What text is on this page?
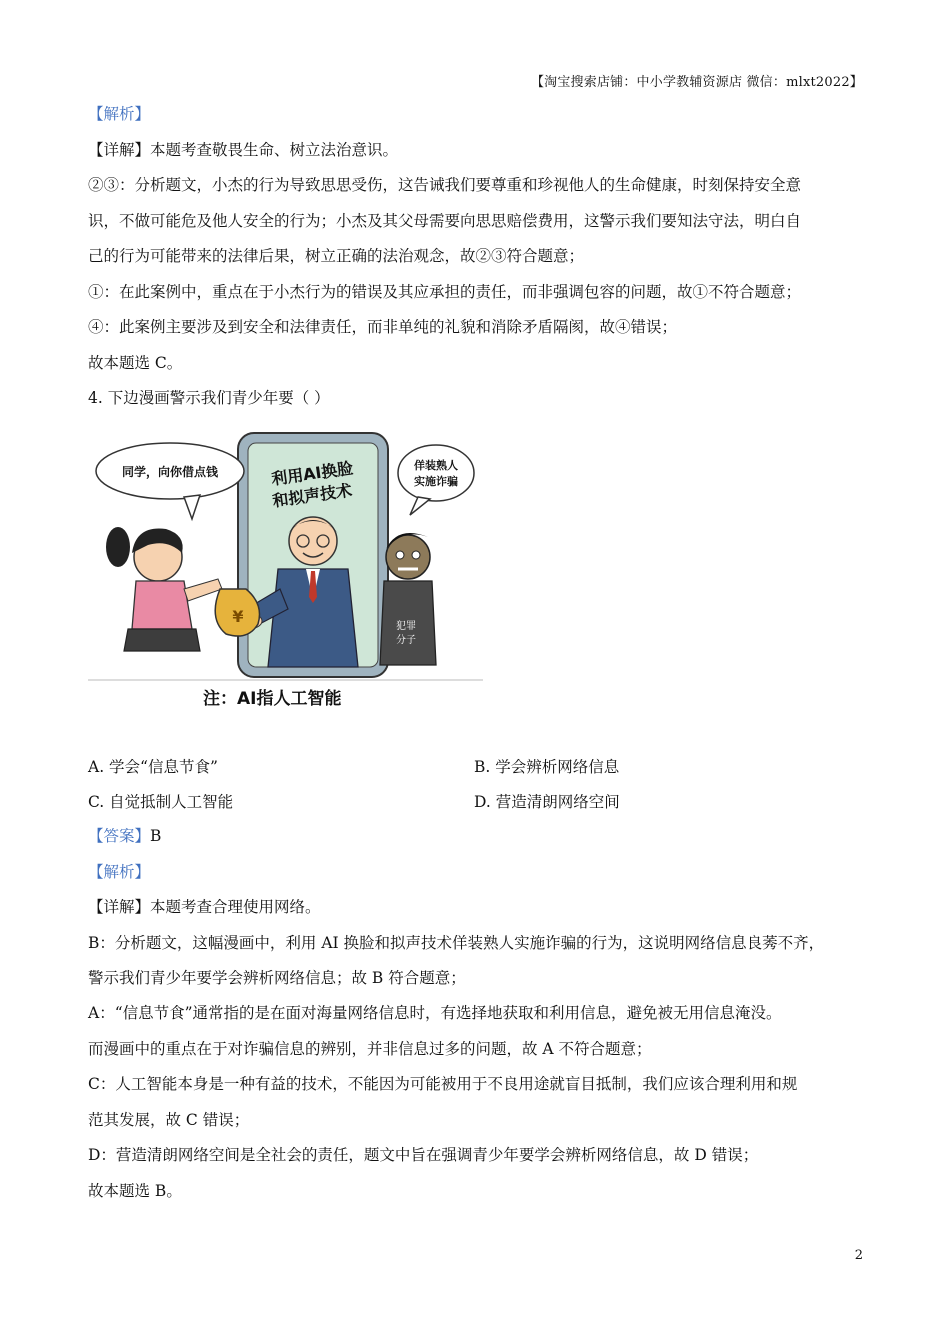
【淘宝搜索店铺：中小学教辅资源店 微信：mlxt2022】
【解析】
【详解】本题考查敬畏生命、树立法治意识。
②③：分析题文，小杰的行为导致思思受伤，这告诫我们要尊重和珍视他人的生命健康，时刻保持安全意
识，不做可能危及他人安全的行为；小杰及其父母需要向思思赔偿费用，这警示我们要知法守法，明白自
己的行为可能带来的法律后果，树立正确的法治观念，故②③符合题意；
①：在此案例中，重点在于小杰行为的错误及其应承担的责任，而非强调包容的问题，故①不符合题意；
④：此案例主要涉及到安全和法律责任，而非单纯的礼貌和消除矛盾隔阂，故④错误；
故本题选 C。
4. 下边漫画警示我们青少年要（ ）
利用AI换脸
和拟声技术
同学，向你借点钱
¥
佯装熟人
实施诈骗
犯罪
分子
注：AI指人工智能
A. 学会“信息节食”	B. 学会辨析网络信息
C. 自觉抵制人工智能	D. 营造清朗网络空间
【答案】B
【解析】
【详解】本题考查合理使用网络。
B：分析题文，这幅漫画中，利用 AI 换脸和拟声技术佯装熟人实施诈骗的行为，这说明网络信息良莠不齐，
警示我们青少年要学会辨析网络信息；故 B 符合题意；
A：“信息节食”通常指的是在面对海量网络信息时，有选择地获取和利用信息，避免被无用信息淹没。
而漫画中的重点在于对诈骗信息的辨别，并非信息过多的问题，故 A 不符合题意；
C：人工智能本身是一种有益的技术，不能因为可能被用于不良用途就盲目抵制，我们应该合理利用和规
范其发展，故 C 错误；
D：营造清朗网络空间是全社会的责任，题文中旨在强调青少年要学会辨析网络信息，故 D 错误；
故本题选 B。
2
